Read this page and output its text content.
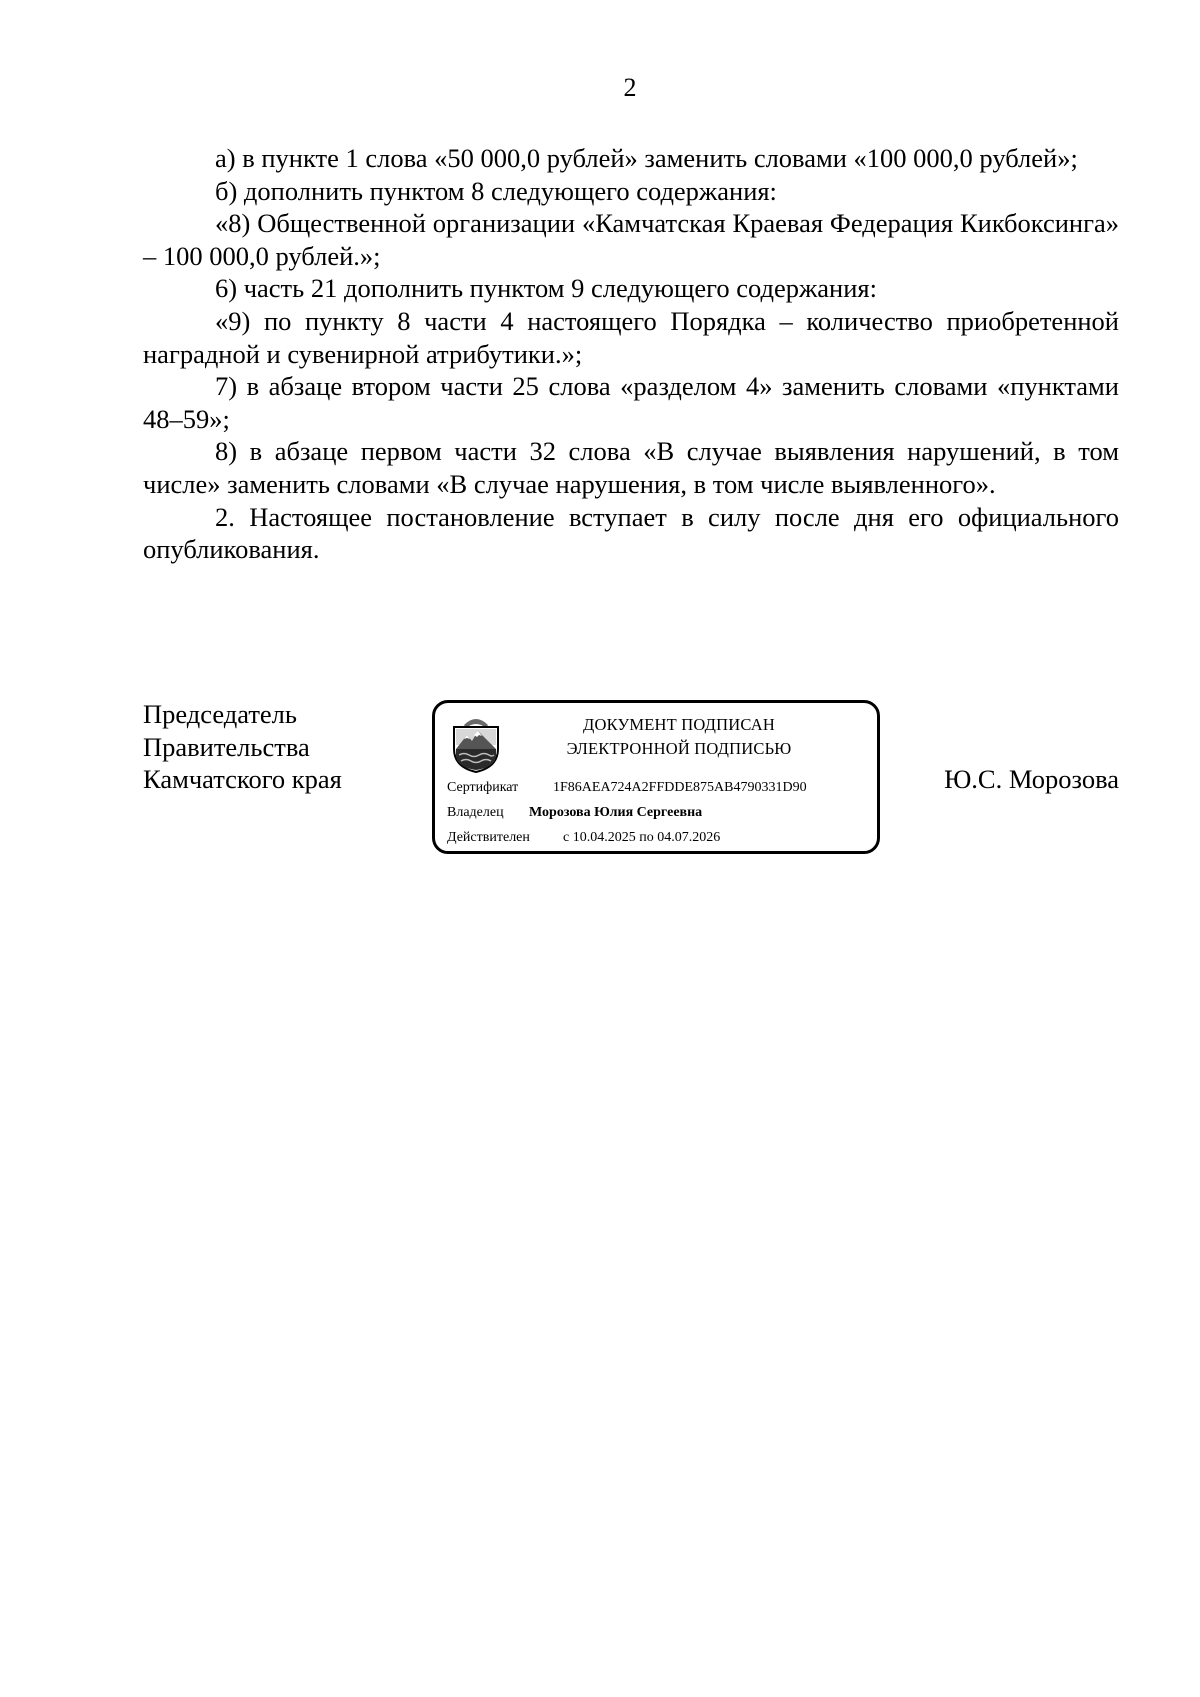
2

а) в пункте 1 слова «50 000,0 рублей» заменить словами «100 000,0 рублей»;

б) дополнить пунктом 8 следующего содержания:

«8) Общественной организации «Камчатская Краевая Федерация Кикбоксинга» – 100 000,0 рублей.»;

6) часть 21 дополнить пунктом 9 следующего содержания:

«9) по пункту 8 части 4 настоящего Порядка – количество приобретенной наградной и сувенирной атрибутики.»;

7) в абзаце втором части 25 слова «разделом 4» заменить словами «пунктами 48–59»;

8) в абзаце первом части 32 слова «В случае выявления нарушений, в том числе» заменить словами «В случае нарушения, в том числе выявленного».

2. Настоящее постановление вступает в силу после дня его официального опубликования.

Председатель
Правительства
Камчатского края
ДОКУМЕНТ ПОДПИСАН
ЭЛЕКТРОННОЙ ПОДПИСЬЮ
Сертификат 1F86AEA724A2FFDDE875AB4790331D90
Владелец Морозова Юлия Сергеевна
Действителен с 10.04.2025 по 04.07.2026
Ю.С. Морозова
